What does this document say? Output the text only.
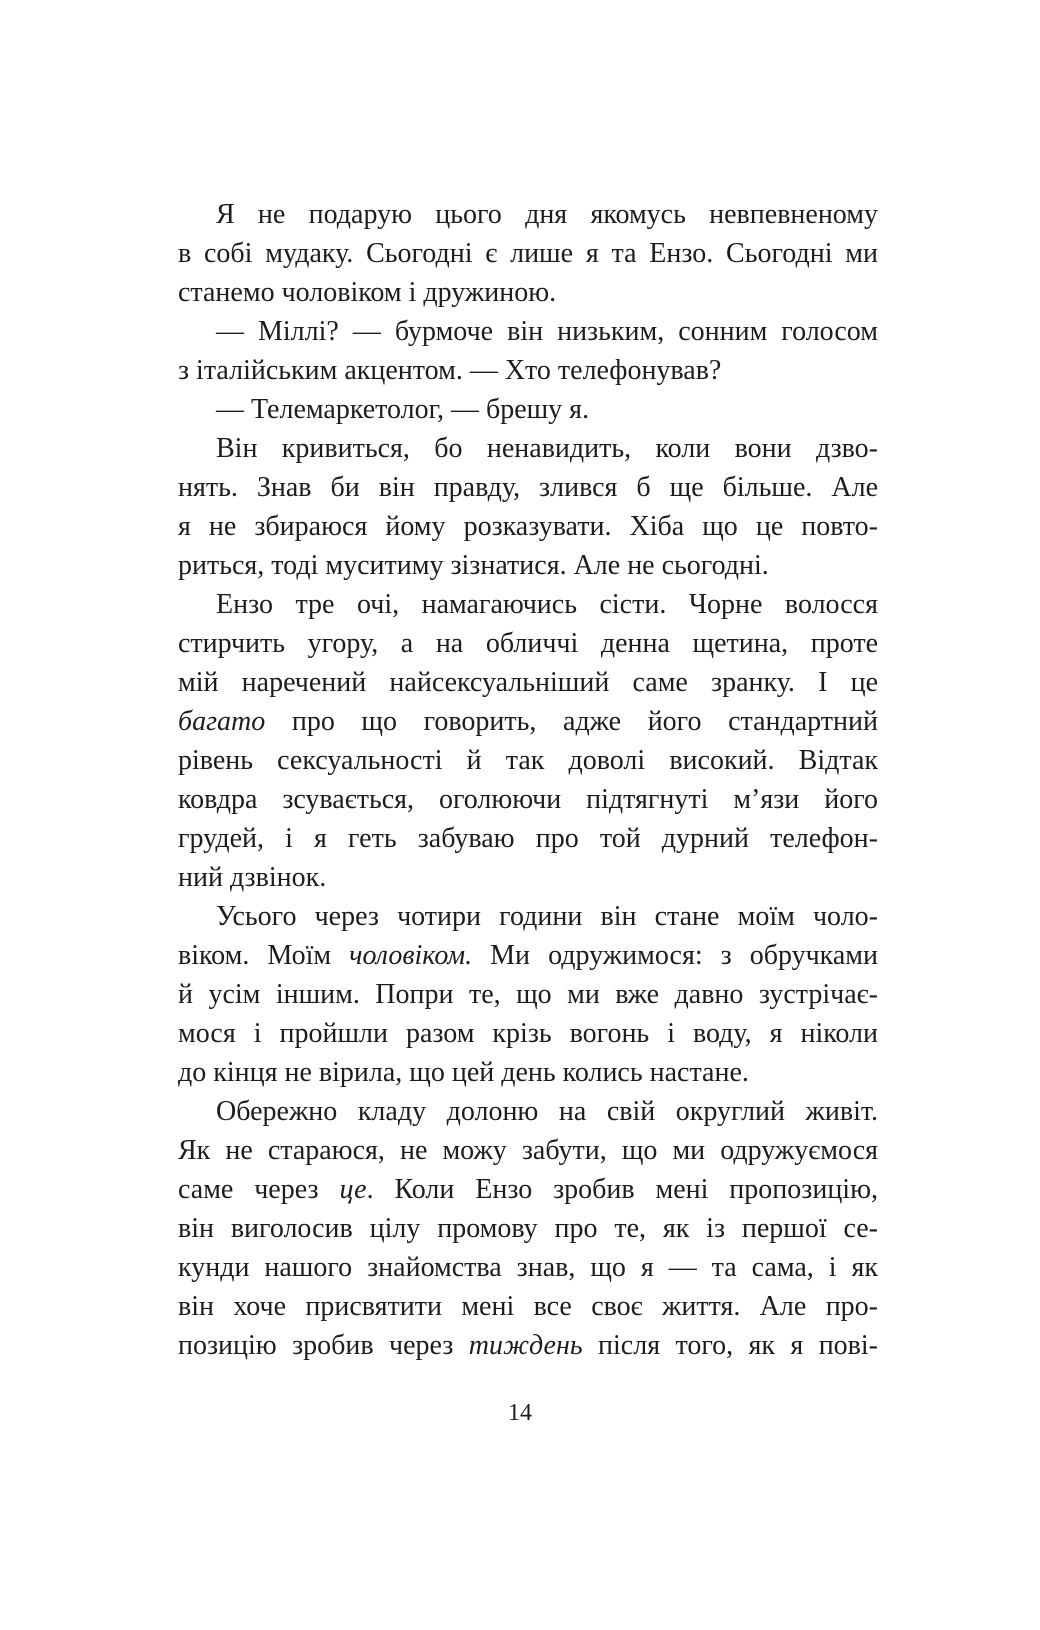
Я не подарую цього дня якомусь невпевненому
в собі мудаку. Сьогодні є лише я та Ензо. Сьогодні ми
станемо чоловіком і дружиною.

— Міллі? — бурмоче він низьким, сонним голосом
з італійським акцентом. — Хто телефонував?

— Телемаркетолог, — брешу я.

Він кривиться, бо ненавидить, коли вони дзво-
нять. Знав би він правду, злився б ще більше. Але
я не збираюся йому розказувати. Хіба що це повто-
риться, тоді муситиму зізнатися. Але не сьогодні.

Ензо тре очі, намагаючись сісти. Чорне волосся
стирчить угору, а на обличчі денна щетина, проте
мій наречений найсексуальніший саме зранку. І це
багато про що говорить, адже його стандартний
рівень сексуальності й так доволі високий. Відтак
ковдра зсувається, оголюючи підтягнуті м’язи його
грудей, і я геть забуваю про той дурний телефон-
ний дзвінок.

Усього через чотири години він стане моїм чоло-
віком. Моїм чоловіком. Ми одружимося: з обручками
й усім іншим. Попри те, що ми вже давно зустрічає-
мося і пройшли разом крізь вогонь і воду, я ніколи
до кінця не вірила, що цей день колись настане.

Обережно кладу долоню на свій округлий живіт.
Як не стараюся, не можу забути, що ми одружуємося
саме через це. Коли Ензо зробив мені пропозицію,
він виголосив цілу промову про те, як із першої се-
кунди нашого знайомства знав, що я — та сама, і як
він хоче присвятити мені все своє життя. Але про-
позицію зробив через тиждень після того, як я пові-

14
